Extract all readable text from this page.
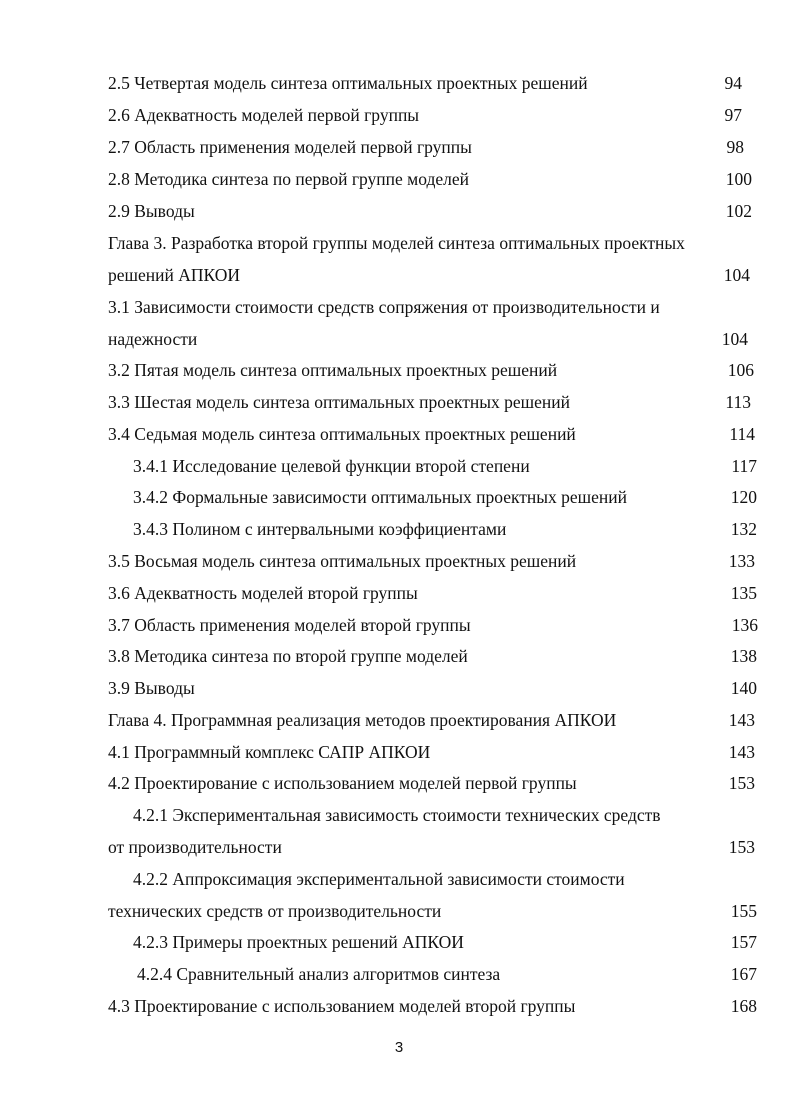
2.5 Четвертая модель синтеза оптимальных проектных решений	94
2.6 Адекватность моделей первой группы	97
2.7 Область применения моделей первой группы	98
2.8 Методика синтеза по первой группе моделей	100
2.9 Выводы	102
Глава 3. Разработка второй группы моделей синтеза оптимальных проектных
решений АПКОИ	104
3.1 Зависимости стоимости средств сопряжения от производительности и
надежности	104
3.2 Пятая модель синтеза оптимальных проектных решений	106
3.3 Шестая модель синтеза оптимальных проектных решений	113
3.4 Седьмая модель синтеза оптимальных проектных решений	114
3.4.1 Исследование целевой функции второй степени	117
3.4.2 Формальные зависимости оптимальных проектных решений	120
3.4.3 Полином с интервальными коэффициентами	132
3.5 Восьмая модель синтеза оптимальных проектных решений	133
3.6 Адекватность моделей второй группы	135
3.7 Область применения моделей второй группы	136
3.8 Методика синтеза по второй группе моделей	138
3.9 Выводы	140
Глава 4. Программная реализация методов проектирования АПКОИ	143
4.1 Программный комплекс САПР АПКОИ	143
4.2 Проектирование с использованием моделей первой группы	153
4.2.1 Экспериментальная зависимость стоимости технических средств
от производительности	153
4.2.2 Аппроксимация экспериментальной зависимости стоимости
технических средств от производительности	155
4.2.3 Примеры проектных решений АПКОИ	157
4.2.4 Сравнительный анализ алгоритмов синтеза	167
4.3 Проектирование с использованием моделей второй группы	168
3
